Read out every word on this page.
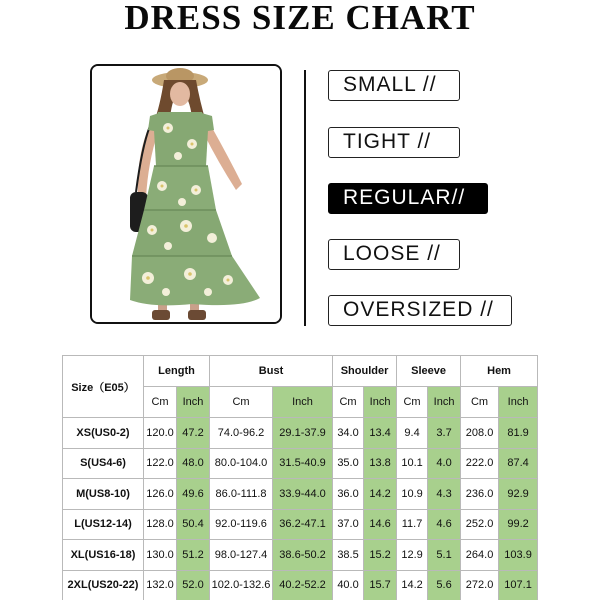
DRESS SIZE CHART
SMALL //
TIGHT //
REGULAR//
LOOSE //
OVERSIZED //
Size（E05）	Length		Bust		Shoulder		Sleeve		Hem	
	Cm	Inch	Cm	Inch	Cm	Inch	Cm	Inch	Cm	Inch
XS(US0-2)	120.0	47.2	74.0-96.2	29.1-37.9	34.0	13.4	9.4	3.7	208.0	81.9
S(US4-6)	122.0	48.0	80.0-104.0	31.5-40.9	35.0	13.8	10.1	4.0	222.0	87.4
M(US8-10)	126.0	49.6	86.0-111.8	33.9-44.0	36.0	14.2	10.9	4.3	236.0	92.9
L(US12-14)	128.0	50.4	92.0-119.6	36.2-47.1	37.0	14.6	11.7	4.6	252.0	99.2
XL(US16-18)	130.0	51.2	98.0-127.4	38.6-50.2	38.5	15.2	12.9	5.1	264.0	103.9
2XL(US20-22)	132.0	52.0	102.0-132.6	40.2-52.2	40.0	15.7	14.2	5.6	272.0	107.1
